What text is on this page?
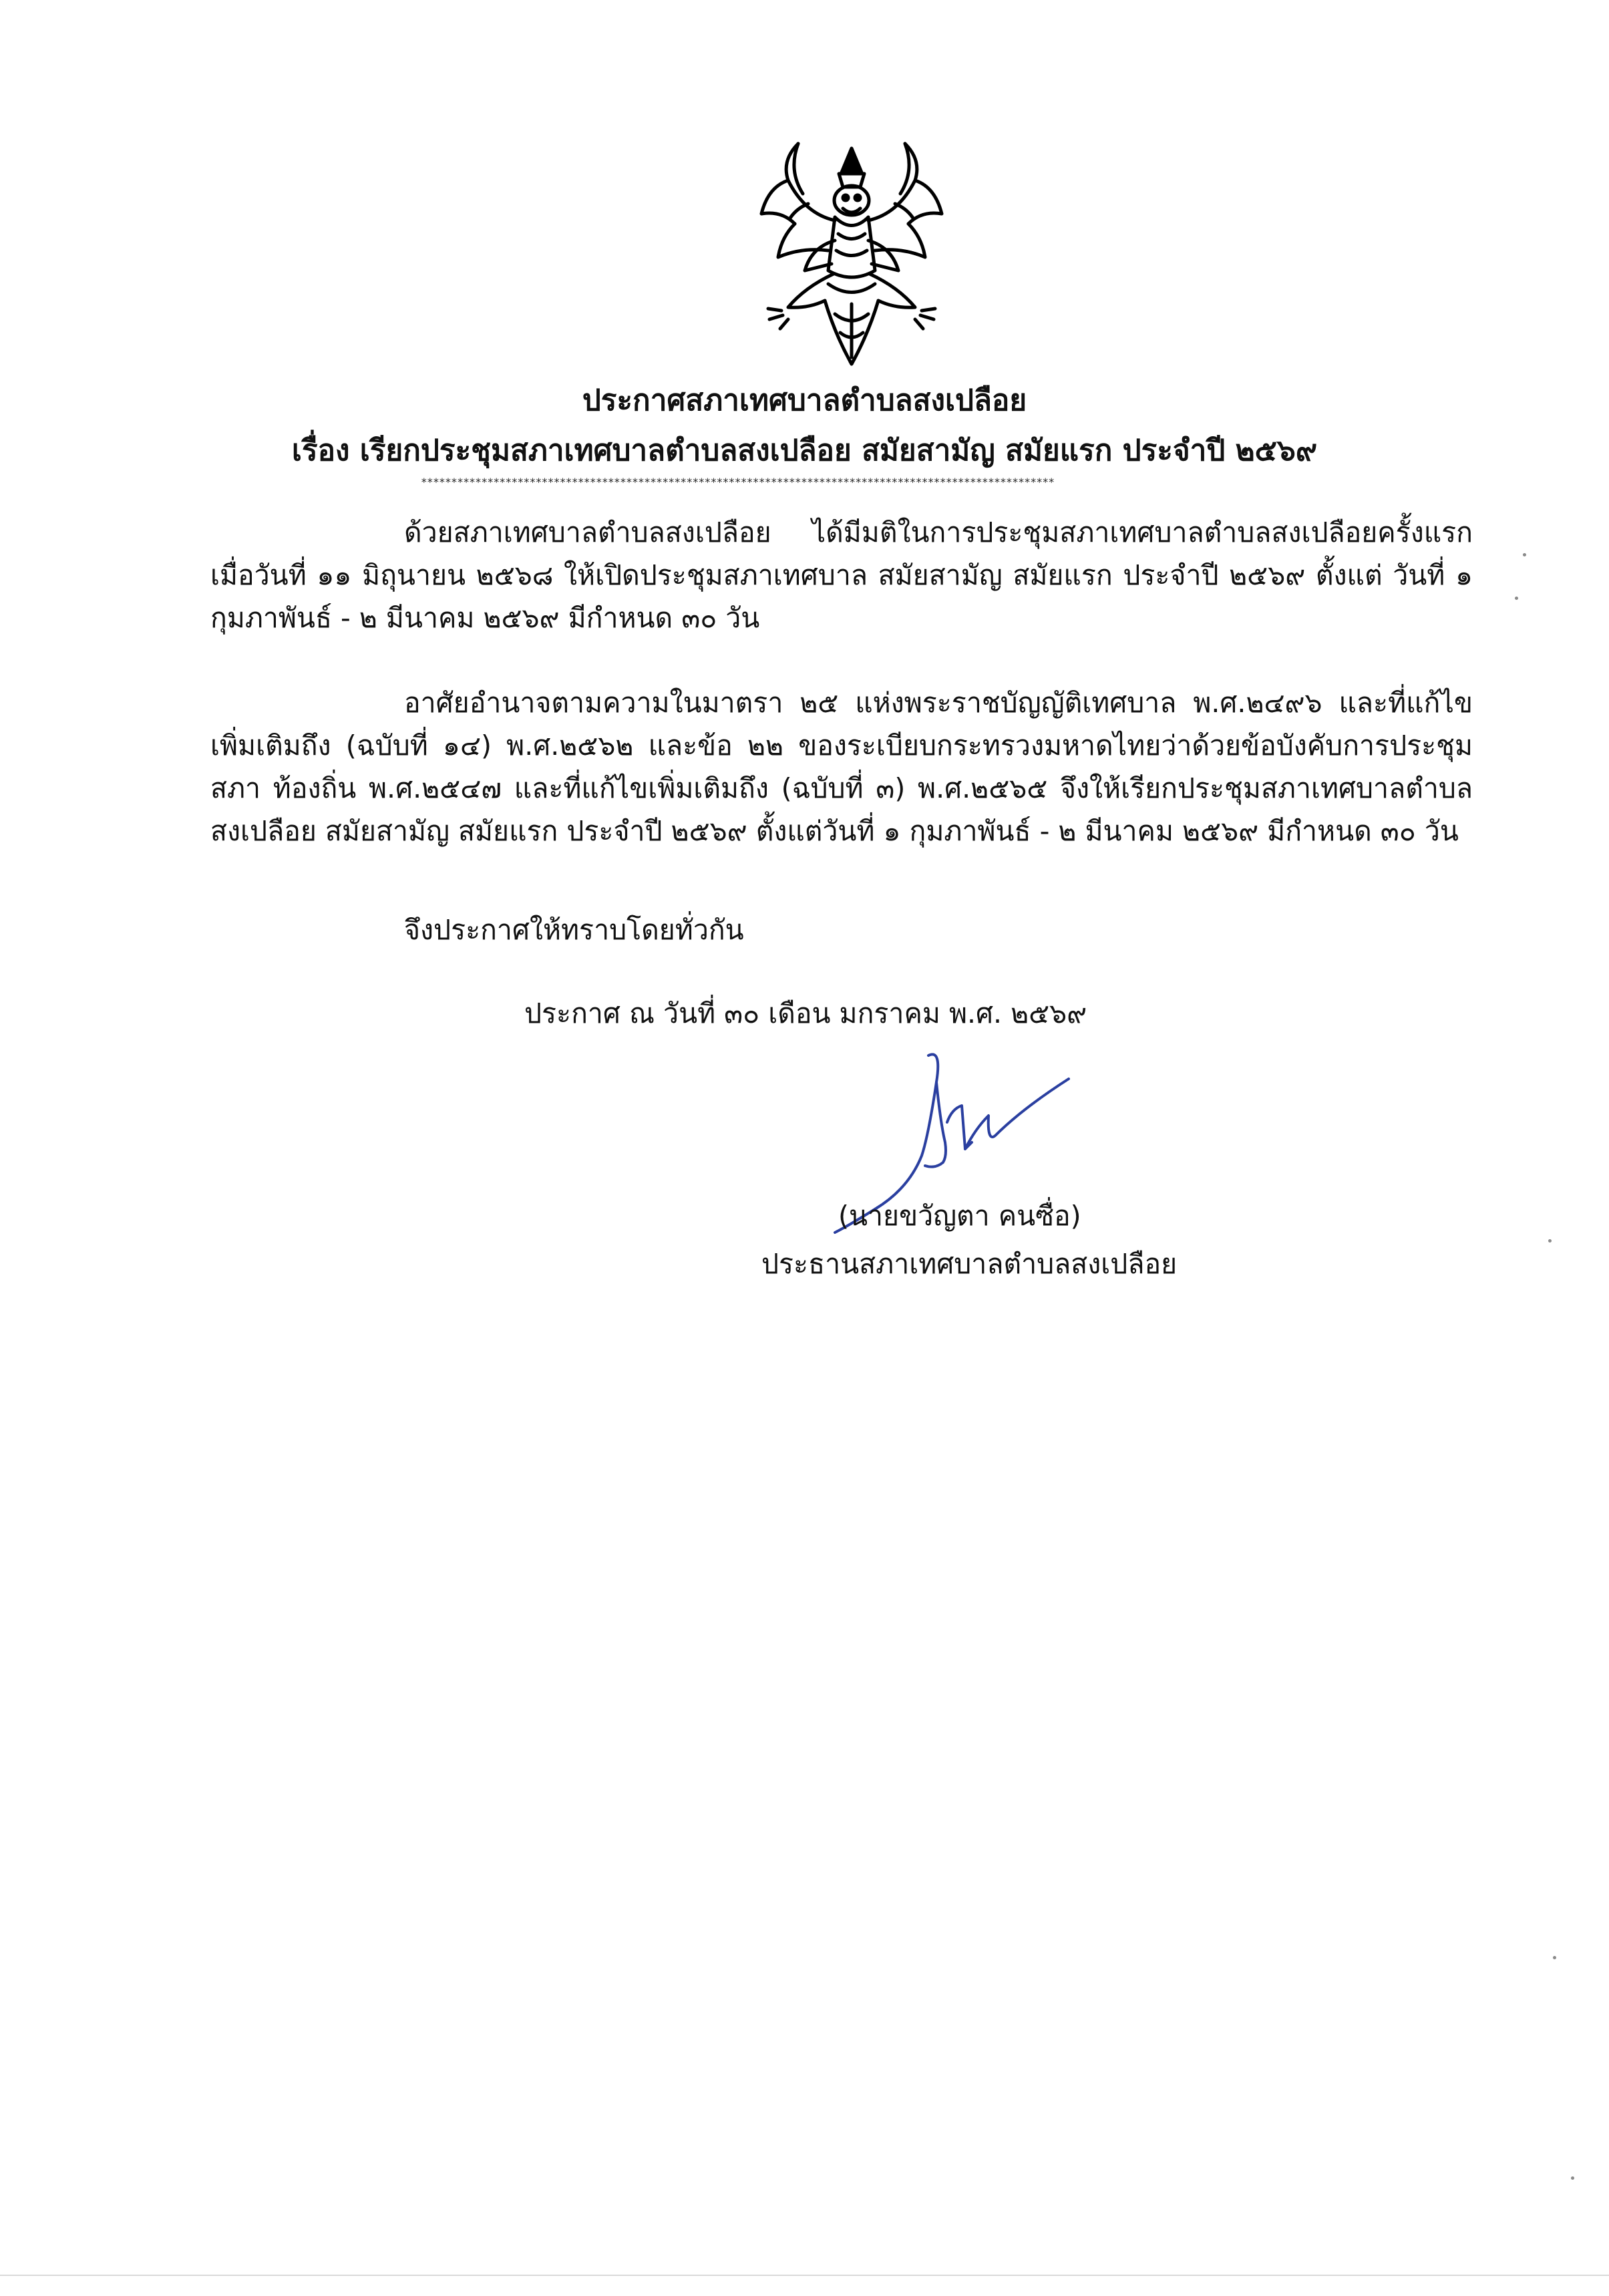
ประกาศสภาเทศบาลตำบลสงเปลือย
เรื่อง เรียกประชุมสภาเทศบาลตำบลสงเปลือย สมัยสามัญ สมัยแรก ประจำปี ๒๕๖๙
*********************************************************************************************************
ด้วยสภาเทศบาลตำบลสงเปลือย ได้มีมติในการประชุมสภาเทศบาลตำบลสงเปลือยครั้งแรก เมื่อวันที่ ๑๑ มิถุนายน ๒๕๖๘ ให้เปิดประชุมสภาเทศบาล สมัยสามัญ สมัยแรก ประจำปี ๒๕๖๙ ตั้งแต่ วันที่ ๑ กุมภาพันธ์ - ๒ มีนาคม ๒๕๖๙ มีกำหนด ๓๐ วัน
อาศัยอำนาจตามความในมาตรา ๒๕ แห่งพระราชบัญญัติเทศบาล พ.ศ.๒๔๙๖ และที่แก้ไข เพิ่มเติมถึง (ฉบับที่ ๑๔) พ.ศ.๒๕๖๒ และข้อ ๒๒ ของระเบียบกระทรวงมหาดไทยว่าด้วยข้อบังคับการประชุมสภา ท้องถิ่น พ.ศ.๒๕๔๗ และที่แก้ไขเพิ่มเติมถึง (ฉบับที่ ๓) พ.ศ.๒๕๖๕ จึงให้เรียกประชุมสภาเทศบาลตำบลสงเปลือย สมัยสามัญ สมัยแรก ประจำปี ๒๕๖๙ ตั้งแต่วันที่ ๑ กุมภาพันธ์ - ๒ มีนาคม ๒๕๖๙ มีกำหนด ๓๐ วัน
จึงประกาศให้ทราบโดยทั่วกัน
ประกาศ ณ วันที่ ๓๐ เดือน มกราคม พ.ศ. ๒๕๖๙
(นายขวัญตา คนซื่อ)
ประธานสภาเทศบาลตำบลสงเปลือย
